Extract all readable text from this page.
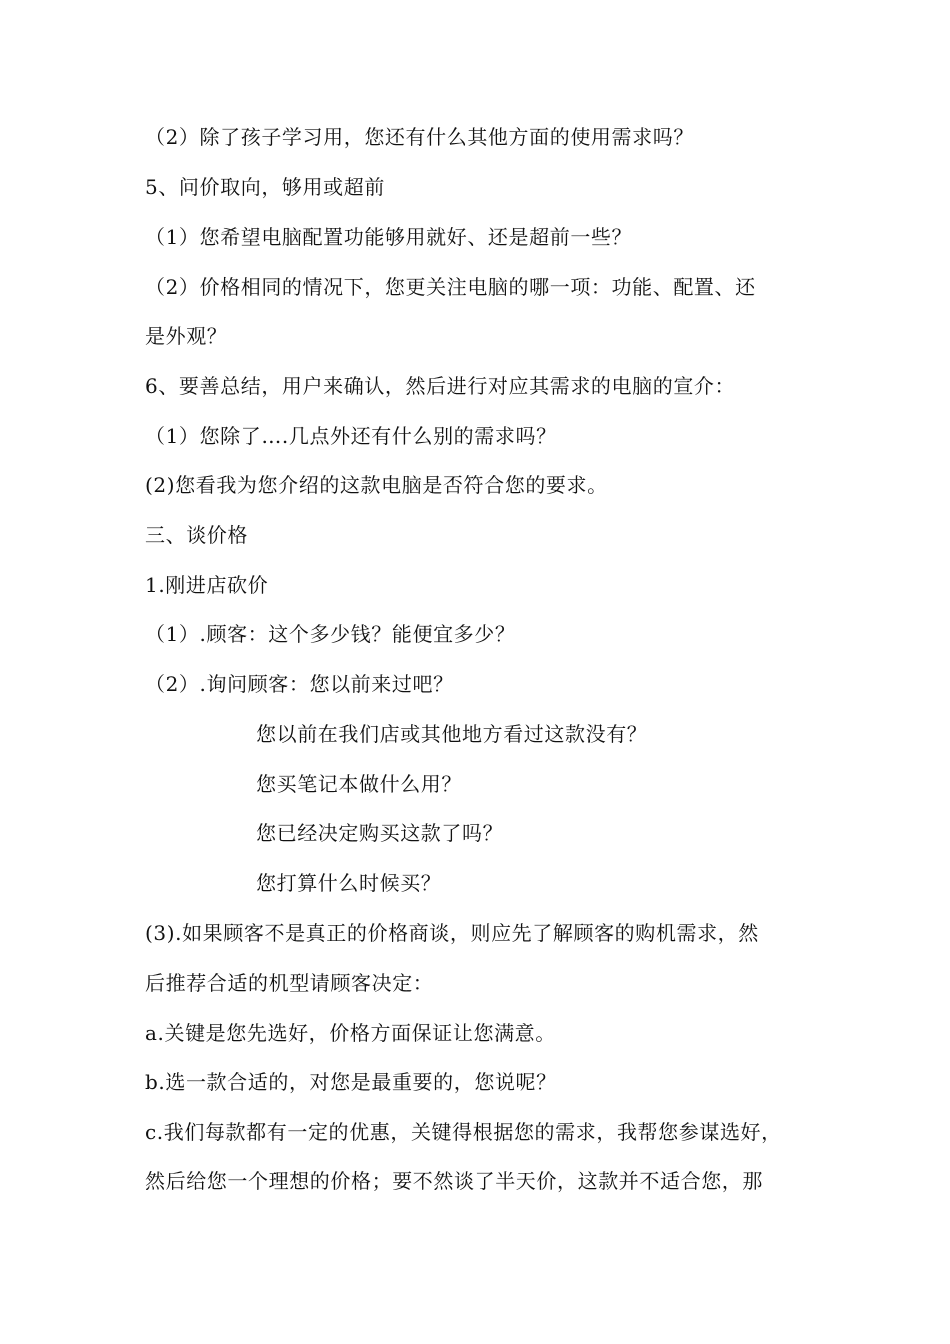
（2）除了孩子学习用，您还有什么其他方面的使用需求吗？
5、问价取向，够用或超前
（1）您希望电脑配置功能够用就好、还是超前一些？
（2）价格相同的情况下，您更关注电脑的哪一项：功能、配置、还
是外观？
6、要善总结，用户来确认，然后进行对应其需求的电脑的宣介：
（1）您除了….几点外还有什么别的需求吗？
(2)您看我为您介绍的这款电脑是否符合您的要求。
三、谈价格
1.刚进店砍价
（1）.顾客：这个多少钱？能便宜多少？
（2）.询问顾客：您以前来过吧？
您以前在我们店或其他地方看过这款没有？
您买笔记本做什么用？
您已经决定购买这款了吗？
您打算什么时候买？
(3).如果顾客不是真正的价格商谈，则应先了解顾客的购机需求，然
后推荐合适的机型请顾客决定：
a.关键是您先选好，价格方面保证让您满意。
b.选一款合适的，对您是最重要的，您说呢？
c.我们每款都有一定的优惠，关键得根据您的需求，我帮您参谋选好，
然后给您一个理想的价格；要不然谈了半天价，这款并不适合您，那
